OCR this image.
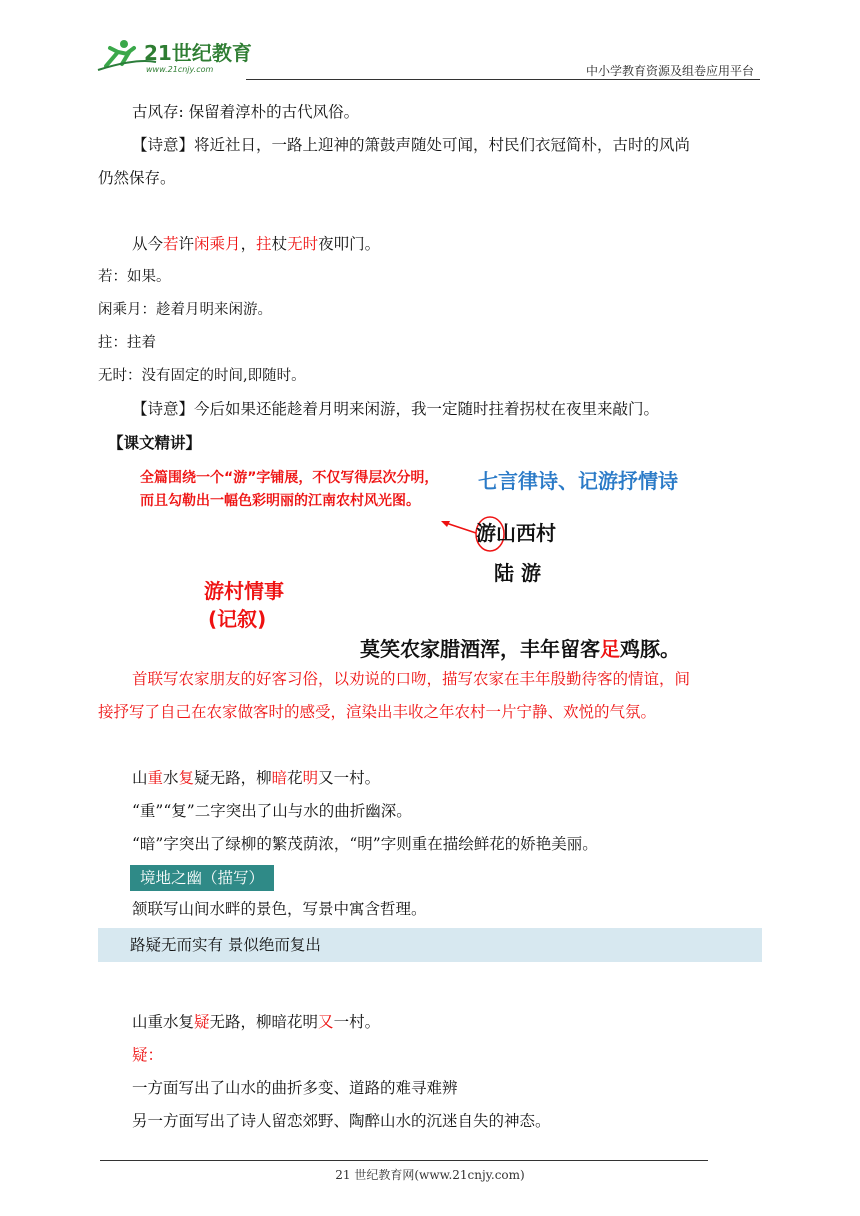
21世纪教育
www.21cnjy.com	中小学教育资源及组卷应用平台

古风存: 保留着淳朴的古代风俗。

【诗意】将近社日，一路上迎神的箫鼓声随处可闻，村民们衣冠简朴，古时的风尚

仍然保存。

从今若许闲乘月，拄杖无时夜叩门。

若：如果。

闲乘月：趁着月明来闲游。

拄：拄着

无时：没有固定的时间,即随时。

【诗意】今后如果还能趁着月明来闲游，我一定随时拄着拐杖在夜里来敲门。

【课文精讲】

全篇围绕一个“游”字铺展，不仅写得层次分明，而且勾勒出一幅色彩明丽的江南农村风光图。
七言律诗、记游抒情诗
游山西村
陆 游
游村情事
(记叙)
莫笑农家腊酒浑，丰年留客足鸡豚。

首联写农家朋友的好客习俗，以劝说的口吻，描写农家在丰年殷勤待客的情谊，间

接抒写了自己在农家做客时的感受，渲染出丰收之年农村一片宁静、欢悦的气氛。

山重水复疑无路，柳暗花明又一村。

“重”“复”二字突出了山与水的曲折幽深。

“暗”字突出了绿柳的繁茂荫浓，“明”字则重在描绘鲜花的娇艳美丽。

境地之幽（描写）

颔联写山间水畔的景色，写景中寓含哲理。

路疑无而实有 景似绝而复出

山重水复疑无路，柳暗花明又一村。

疑：

一方面写出了山水的曲折多变、道路的难寻难辨

另一方面写出了诗人留恋郊野、陶醉山水的沉迷自失的神态。

21 世纪教育网(www.21cnjy.com)
